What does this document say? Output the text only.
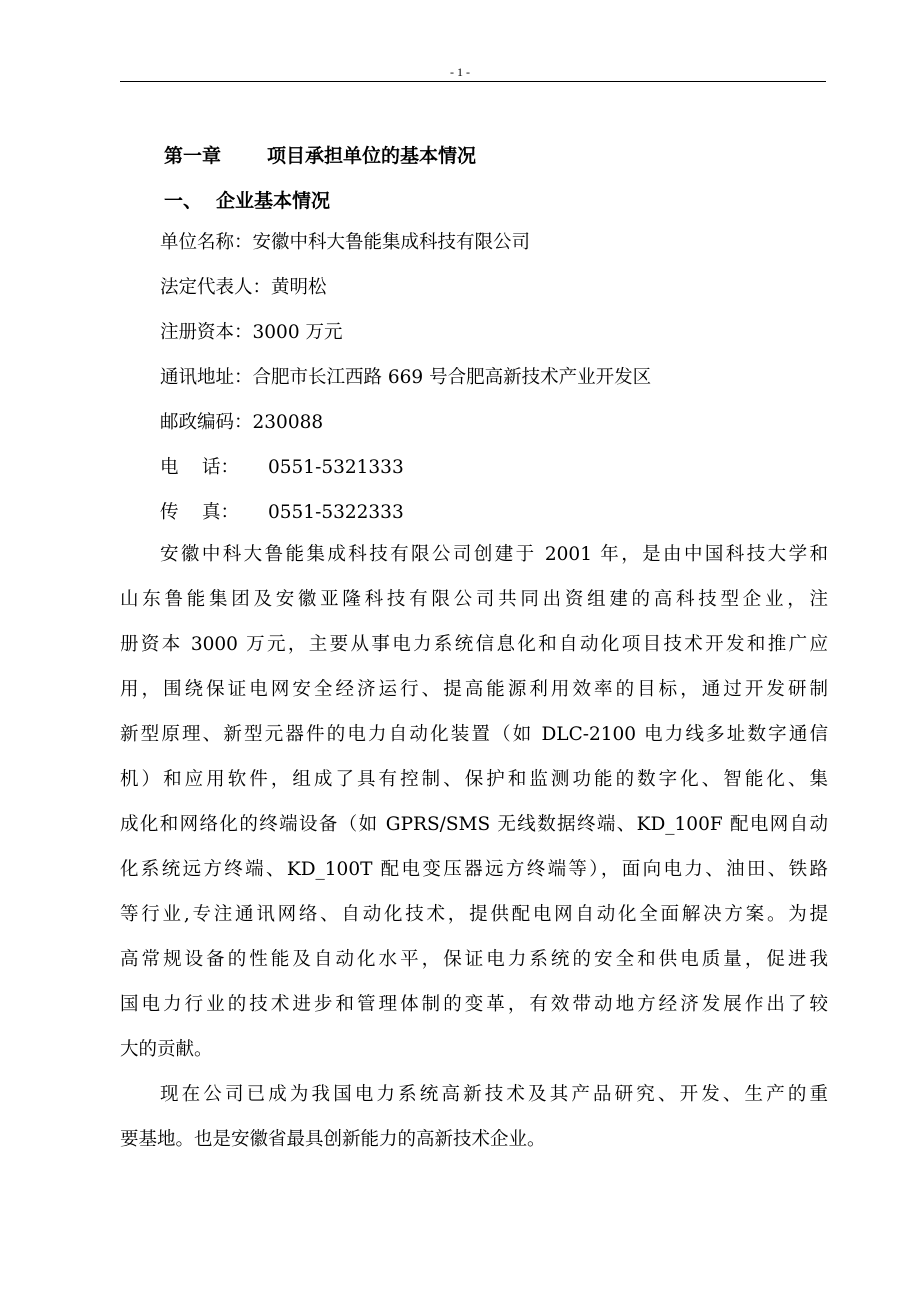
- 1 -
第一章 项目承担单位的基本情况
一、 企业基本情况
单位名称：安徽中科大鲁能集成科技有限公司
法定代表人：黄明松
注册资本：3000 万元
通讯地址：合肥市长江西路 669 号合肥高新技术产业开发区
邮政编码：230088
电    话： 0551-5321333
传    真： 0551-5322333
安徽中科大鲁能集成科技有限公司创建于 2001 年，是由中国科技大学和
山东鲁能集团及安徽亚隆科技有限公司共同出资组建的高科技型企业，注
册资本 3000 万元，主要从事电力系统信息化和自动化项目技术开发和推广应
用，围绕保证电网安全经济运行、提高能源利用效率的目标，通过开发研制
新型原理、新型元器件的电力自动化装置（如 DLC-2100 电力线多址数字通信
机）和应用软件，组成了具有控制、保护和监测功能的数字化、智能化、集
成化和网络化的终端设备（如 GPRS/SMS 无线数据终端、KD_100F 配电网自动
化系统远方终端、KD_100T 配电变压器远方终端等），面向电力、油田、铁路
等行业,专注通讯网络、自动化技术，提供配电网自动化全面解决方案。为提
高常规设备的性能及自动化水平，保证电力系统的安全和供电质量，促进我
国电力行业的技术进步和管理体制的变革，有效带动地方经济发展作出了较
大的贡献。
现在公司已成为我国电力系统高新技术及其产品研究、开发、生产的重
要基地。也是安徽省最具创新能力的高新技术企业。
